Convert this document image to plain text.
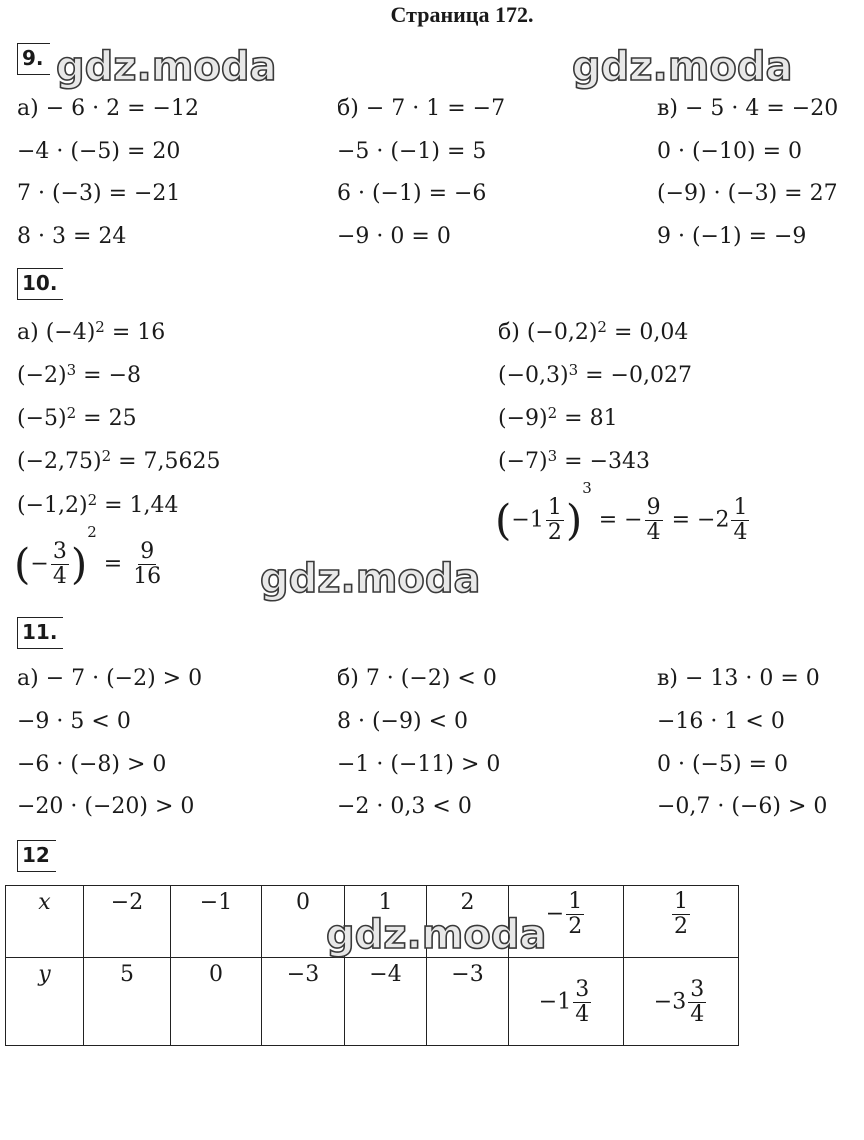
Страница 172.
gdz.moda	gdz.moda
gdz.moda
9.
а) − 6 · 2 = −12
−4 · (−5) = 20
7 · (−3) = −21
8 · 3 = 24
б) − 7 · 1 = −7
−5 · (−1) = 5
6 · (−1) = −6
−9 · 0 = 0
в) − 5 · 4 = −20
0 · (−10) = 0
(−9) · (−3) = 27
9 · (−1) = −9
10.
а) $(-4)^2 = 16$
$(-2)^3 = -8$
$(-5)^2 = 25$
$(-2,75)^2 = 7,5625$
$(-1,2)^2 = 1,44$
(− $\frac{3}{4} )^2 = \frac{9}{16}$
б) $(-0,2)^2 = 0,04$
$(-0,3)^3 = -0,027$
$(-9)^2 = 81$
$(-7)^3 = -343$
$(-1 \frac{1}{2} )^3$ = − $\frac{9}{4} = -2 \frac{1}{4}$
11.
а) − 7 · (−2) > 0
−9 · 5 < 0
−6 · (−8) > 0
−20 · (−20) > 0
б) 7 · (−2) < 0
8 · (−9) < 0
−1 · (−11) > 0
−2 · 0,3 < 0
в) − 13 · 0 = 0
−16 · 1 < 0
0 · (−5) = 0
−0,7 · (−6) > 0
12
x	−2	−1	0	1	2	− $\frac{1}{2}$	$\frac{1}{2}$

y	5	0	−3	−4	−3	$-1 \frac{3}{4}$	$-3 \frac{3}{4}$
gdz.moda
